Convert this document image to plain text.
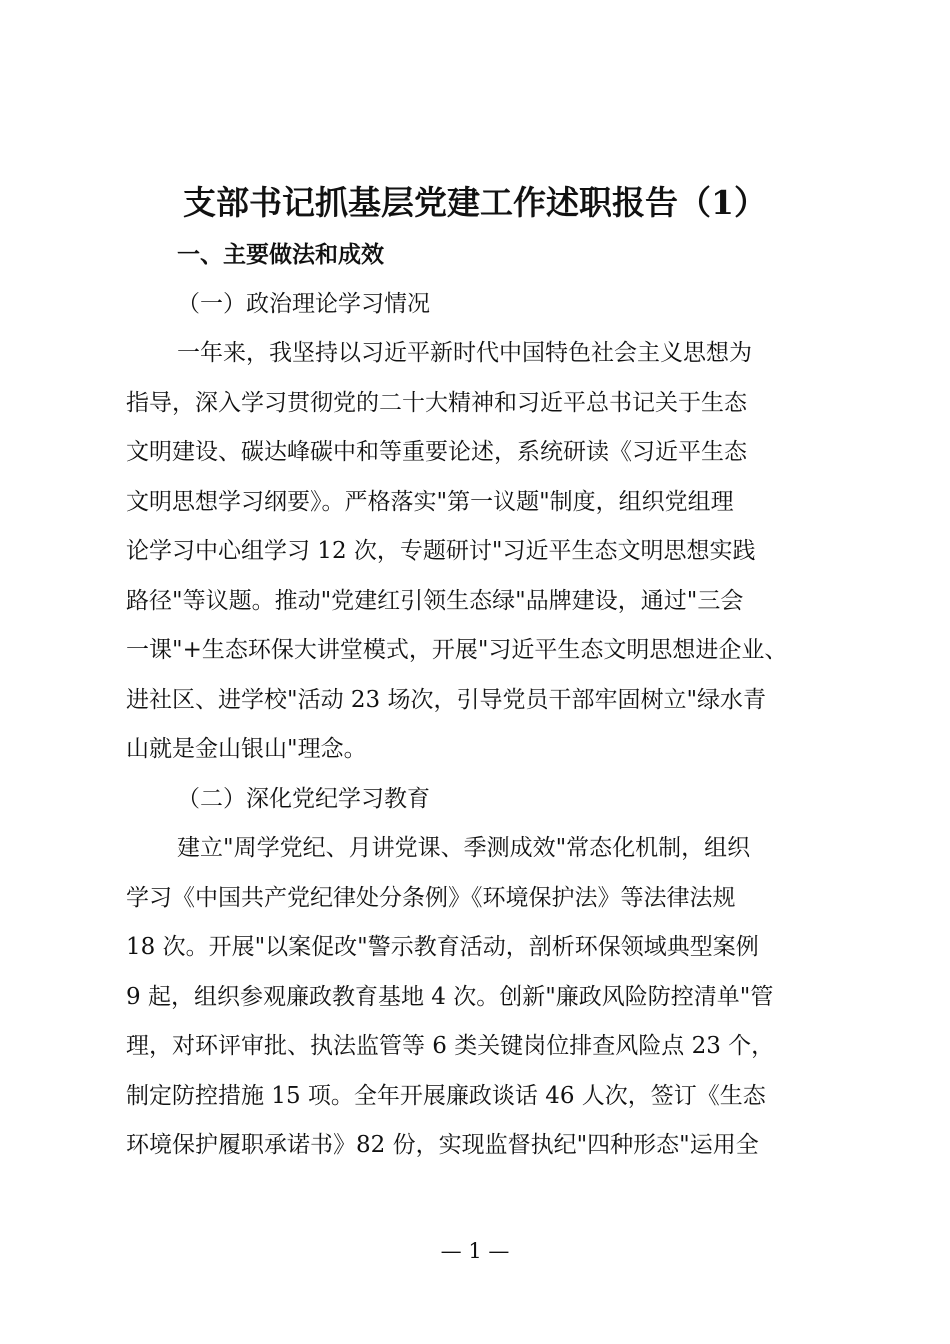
支部书记抓基层党建工作述职报告（1）
一、主要做法和成效
（一）政治理论学习情况
一年来，我坚持以习近平新时代中国特色社会主义思想为
指导，深入学习贯彻党的二十大精神和习近平总书记关于生态
文明建设、碳达峰碳中和等重要论述，系统研读《习近平生态
文明思想学习纲要》。严格落实"第一议题"制度，组织党组理
论学习中心组学习 12 次，专题研讨"习近平生态文明思想实践
路径"等议题。推动"党建红引领生态绿"品牌建设，通过"三会
一课"+生态环保大讲堂模式，开展"习近平生态文明思想进企业、
进社区、进学校"活动 23 场次，引导党员干部牢固树立"绿水青
山就是金山银山"理念。
（二）深化党纪学习教育
建立"周学党纪、月讲党课、季测成效"常态化机制，组织
学习《中国共产党纪律处分条例》《环境保护法》等法律法规
18 次。开展"以案促改"警示教育活动，剖析环保领域典型案例
9 起，组织参观廉政教育基地 4 次。创新"廉政风险防控清单"管
理，对环评审批、执法监管等 6 类关键岗位排查风险点 23 个，
制定防控措施 15 项。全年开展廉政谈话 46 人次，签订《生态
环境保护履职承诺书》82 份，实现监督执纪"四种形态"运用全
— 1 —
